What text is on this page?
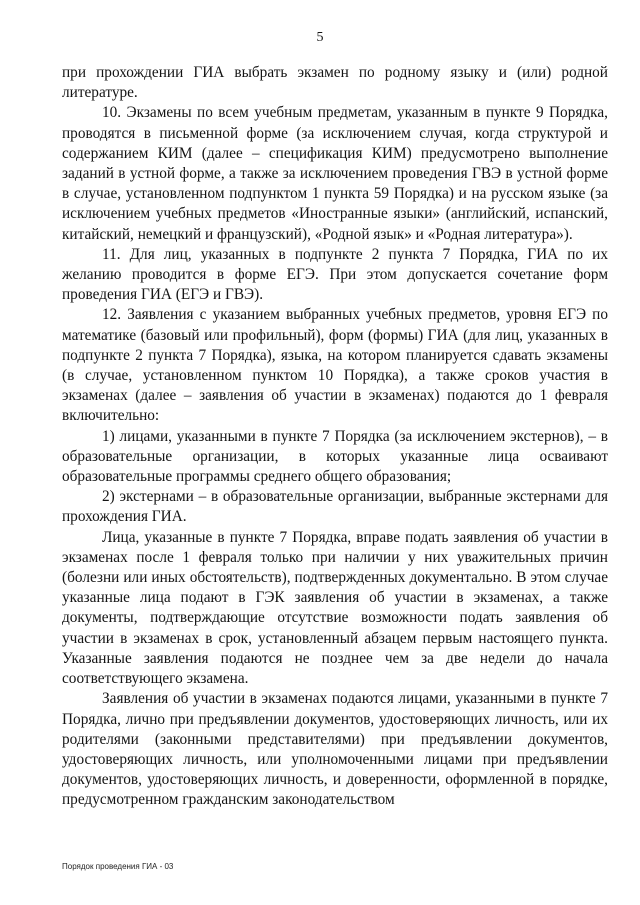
5

при прохождении ГИА выбрать экзамен по родному языку и (или) родной литературе.

10. Экзамены по всем учебным предметам, указанным в пункте 9 Порядка, проводятся в письменной форме (за исключением случая, когда структурой и содержанием КИМ (далее – спецификация КИМ) предусмотрено выполнение заданий в устной форме, а также за исключением проведения ГВЭ в устной форме в случае, установленном подпунктом 1 пункта 59 Порядка) и на русском языке (за исключением учебных предметов «Иностранные языки» (английский, испанский, китайский, немецкий и французский), «Родной язык» и «Родная литература»).

11. Для лиц, указанных в подпункте 2 пункта 7 Порядка, ГИА по их желанию проводится в форме ЕГЭ. При этом допускается сочетание форм проведения ГИА (ЕГЭ и ГВЭ).

12. Заявления с указанием выбранных учебных предметов, уровня ЕГЭ по математике (базовый или профильный), форм (формы) ГИА (для лиц, указанных в подпункте 2 пункта 7 Порядка), языка, на котором планируется сдавать экзамены (в случае, установленном пунктом 10 Порядка), а также сроков участия в экзаменах (далее – заявления об участии в экзаменах) подаются до 1 февраля включительно:

1) лицами, указанными в пункте 7 Порядка (за исключением экстернов), – в образовательные организации, в которых указанные лица осваивают образовательные программы среднего общего образования;

2) экстернами – в образовательные организации, выбранные экстернами для прохождения ГИА.

Лица, указанные в пункте 7 Порядка, вправе подать заявления об участии в экзаменах после 1 февраля только при наличии у них уважительных причин (болезни или иных обстоятельств), подтвержденных документально. В этом случае указанные лица подают в ГЭК заявления об участии в экзаменах, а также документы, подтверждающие отсутствие возможности подать заявления об участии в экзаменах в срок, установленный абзацем первым настоящего пункта. Указанные заявления подаются не позднее чем за две недели до начала соответствующего экзамена.

Заявления об участии в экзаменах подаются лицами, указанными в пункте 7 Порядка, лично при предъявлении документов, удостоверяющих личность, или их родителями (законными представителями) при предъявлении документов, удостоверяющих личность, или уполномоченными лицами при предъявлении документов, удостоверяющих личность, и доверенности, оформленной в порядке, предусмотренном гражданским законодательством

Порядок проведения ГИА - 03
